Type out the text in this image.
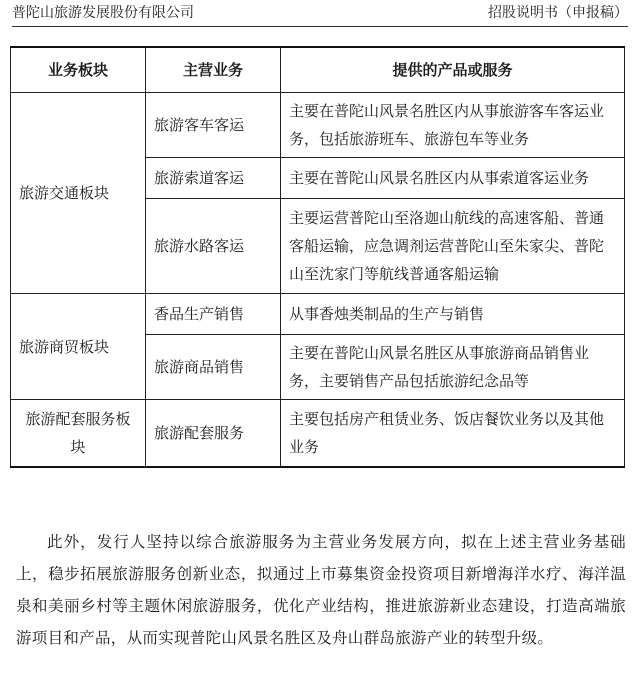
普陀山旅游发展股份有限公司	招股说明书（申报稿）
业务板块	主营业务	提供的产品或服务
旅游交通板块	旅游客车客运	主要在普陀山风景名胜区内从事旅游客车客运业务，包括旅游班车、旅游包车等业务
	旅游索道客运	主要在普陀山风景名胜区内从事索道客运业务
	旅游水路客运	主要运营普陀山至洛迦山航线的高速客船、普通客船运输，应急调剂运营普陀山至朱家尖、普陀山至沈家门等航线普通客船运输
旅游商贸板块	香品生产销售	从事香烛类制品的生产与销售
	旅游商品销售	主要在普陀山风景名胜区从事旅游商品销售业务，主要销售产品包括旅游纪念品等
旅游配套服务板块	旅游配套服务	主要包括房产租赁业务、饭店餐饮业务以及其他业务

此外，发行人坚持以综合旅游服务为主营业务发展方向，拟在上述主营业务基础上，稳步拓展旅游服务创新业态，拟通过上市募集资金投资项目新增海洋水疗、海洋温泉和美丽乡村等主题休闲旅游服务，优化产业结构，推进旅游新业态建设，打造高端旅游项目和产品，从而实现普陀山风景名胜区及舟山群岛旅游产业的转型升级。
